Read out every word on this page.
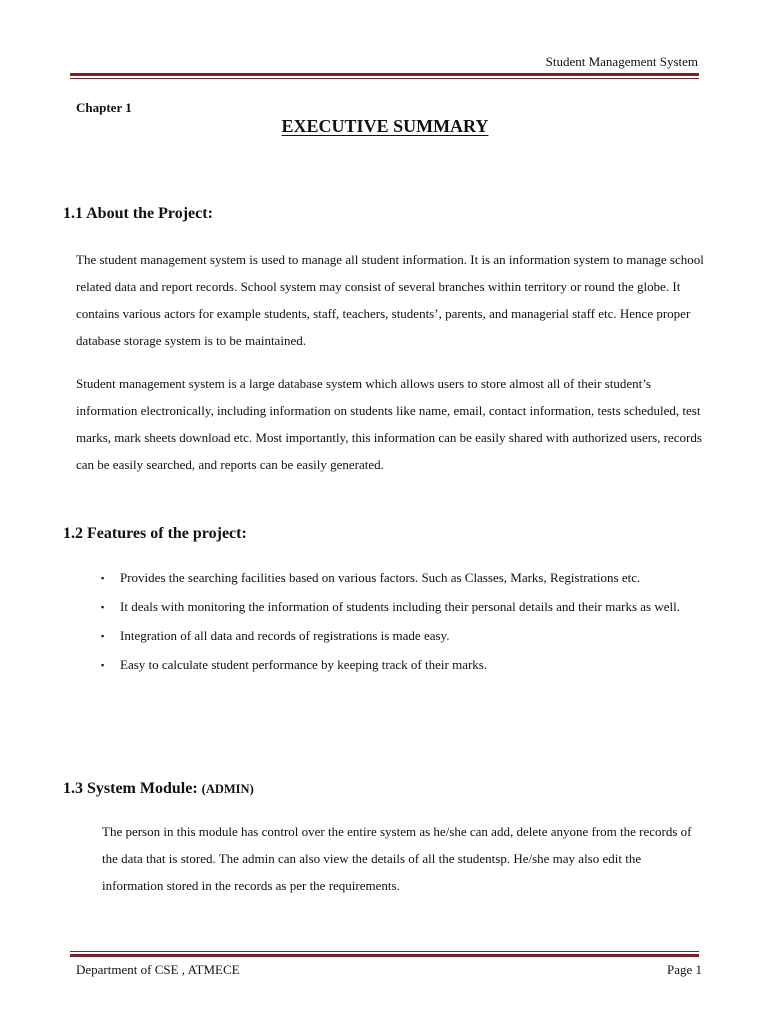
Student Management System
Chapter 1
EXECUTIVE SUMMARY
1.1 About the Project:

The student management system is used to manage all student information. It is an information system to manage school related data and report records. School system may consist of several branches within territory or round the globe. It contains various actors for example students, staff, teachers, students’, parents, and managerial staff etc. Hence proper database storage system is to be maintained.

Student management system is a large database system which allows users to store almost all of their student’s information electronically, including information on students like name, email, contact information, tests scheduled, test marks, mark sheets download etc. Most importantly, this information can be easily shared with authorized users, records can be easily searched, and reports can be easily generated.

1.2 Features of the project:
▪ Provides the searching facilities based on various factors. Such as Classes, Marks, Registrations etc.
▪ It deals with monitoring the information of students including their personal details and their marks as well.
▪ Integration of all data and records of registrations is made easy.
▪ Easy to calculate student performance by keeping track of their marks.
1.3 System Module: (ADMIN)

The person in this module has control over the entire system as he/she can add, delete anyone from the records of the data that is stored. The admin can also view the details of all the studentsp. He/she may also edit the information stored in the records as per the requirements.

Department of CSE , ATMECE	Page 1
